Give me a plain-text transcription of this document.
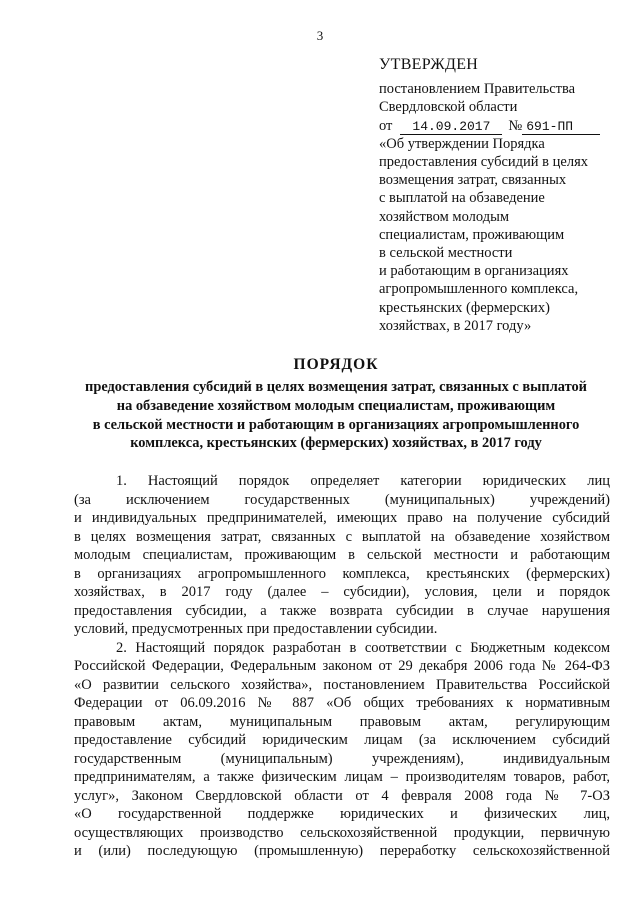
3
УТВЕРЖДЕН
постановлением Правительства
Свердловской области
от	14.09.2017	№ 691-ПП
«Об утверждении Порядка
предоставления субсидий в целях
возмещения затрат, связанных
с выплатой на обзаведение
хозяйством молодым
специалистам, проживающим
в сельской местности
и работающим в организациях
агропромышленного комплекса,
крестьянских (фермерских)
хозяйствах, в 2017 году»
ПОРЯДОК
предоставления субсидий в целях возмещения затрат, связанных с выплатой
на обзаведение хозяйством молодым специалистам, проживающим
в сельской местности и работающим в организациях агропромышленного
комплекса, крестьянских (фермерских) хозяйствах, в 2017 году
1. Настоящий порядок определяет категории юридических лиц
(за исключением государственных (муниципальных) учреждений)
и индивидуальных предпринимателей, имеющих право на получение субсидий
в целях возмещения затрат, связанных с выплатой на обзаведение хозяйством
молодым специалистам, проживающим в сельской местности и работающим
в организациях агропромышленного комплекса, крестьянских (фермерских)
хозяйствах, в 2017 году (далее – субсидии), условия, цели и порядок
предоставления субсидии, а также возврата субсидии в случае нарушения
условий, предусмотренных при предоставлении субсидии.
2. Настоящий порядок разработан в соответствии с Бюджетным кодексом
Российской Федерации, Федеральным законом от 29 декабря 2006 года № 264-ФЗ
«О развитии сельского хозяйства», постановлением Правительства Российской
Федерации от 06.09.2016 № 887 «Об общих требованиях к нормативным
правовым актам, муниципальным правовым актам, регулирующим
предоставление субсидий юридическим лицам (за исключением субсидий
государственным (муниципальным) учреждениям), индивидуальным
предпринимателям, а также физическим лицам – производителям товаров, работ,
услуг», Законом Свердловской области от 4 февраля 2008 года № 7-ОЗ
«О государственной поддержке юридических и физических лиц,
осуществляющих производство сельскохозяйственной продукции, первичную
и (или) последующую (промышленную) переработку сельскохозяйственной
